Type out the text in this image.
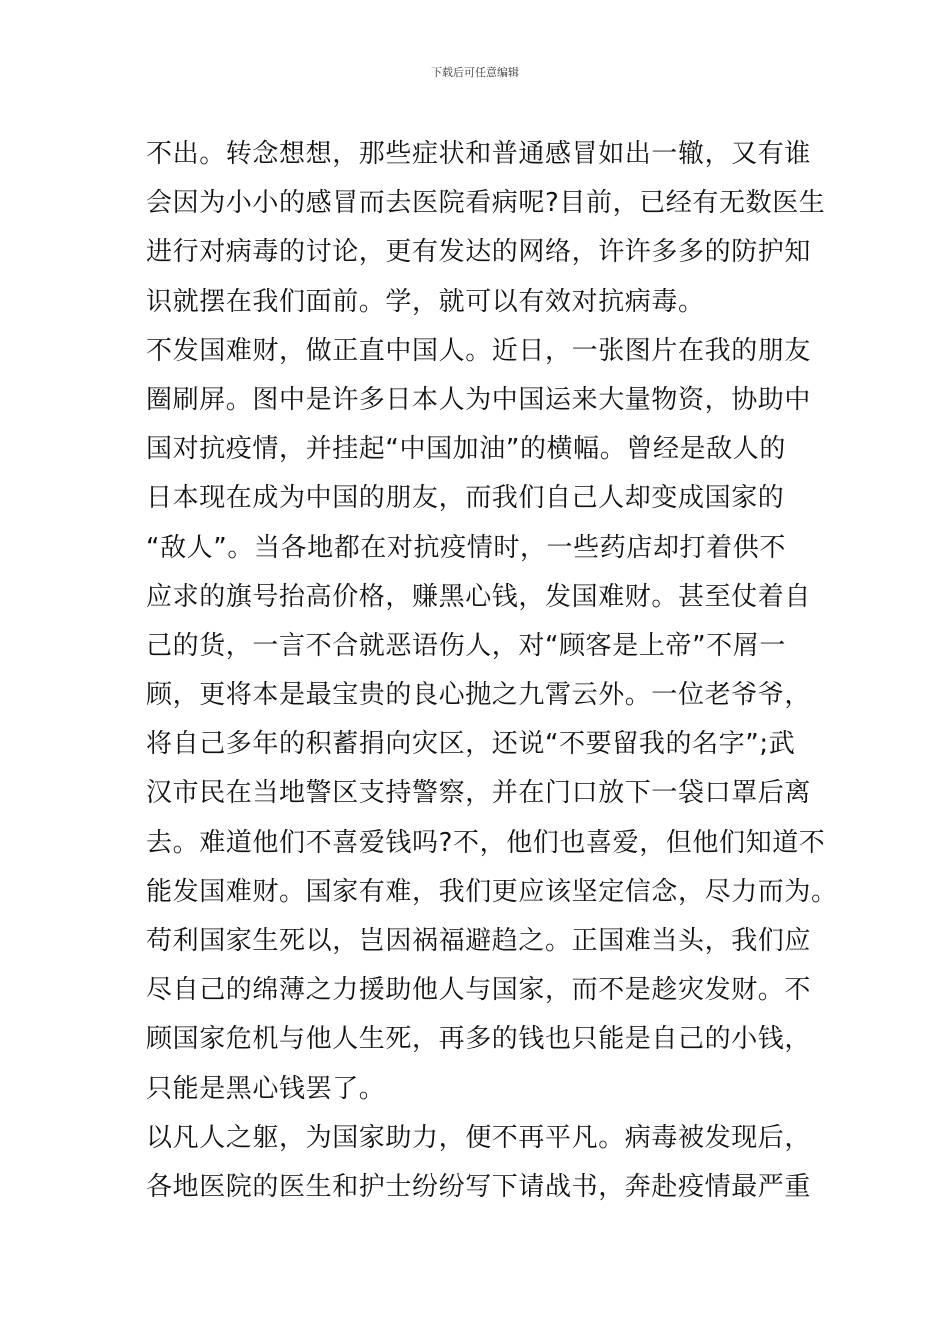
下载后可任意编辑
不出。转念想想，那些症状和普通感冒如出一辙，又有谁
会因为小小的感冒而去医院看病呢?目前，已经有无数医生
进行对病毒的讨论，更有发达的网络，许许多多的防护知
识就摆在我们面前。学，就可以有效对抗病毒。
不发国难财，做正直中国人。近日，一张图片在我的朋友
圈刷屏。图中是许多日本人为中国运来大量物资，协助中
国对抗疫情，并挂起“中国加油”的横幅。曾经是敌人的
日本现在成为中国的朋友，而我们自己人却变成国家的
“敌人”。当各地都在对抗疫情时，一些药店却打着供不
应求的旗号抬高价格，赚黑心钱，发国难财。甚至仗着自
己的货，一言不合就恶语伤人，对“顾客是上帝”不屑一
顾，更将本是最宝贵的良心抛之九霄云外。一位老爷爷，
将自己多年的积蓄捐向灾区，还说“不要留我的名字”;武
汉市民在当地警区支持警察，并在门口放下一袋口罩后离
去。难道他们不喜爱钱吗?不，他们也喜爱，但他们知道不
能发国难财。国家有难，我们更应该坚定信念，尽力而为。
苟利国家生死以，岂因祸福避趋之。正国难当头，我们应
尽自己的绵薄之力援助他人与国家，而不是趁灾发财。不
顾国家危机与他人生死，再多的钱也只能是自己的小钱，
只能是黑心钱罢了。
以凡人之躯，为国家助力，便不再平凡。病毒被发现后，
各地医院的医生和护士纷纷写下请战书，奔赴疫情最严重
